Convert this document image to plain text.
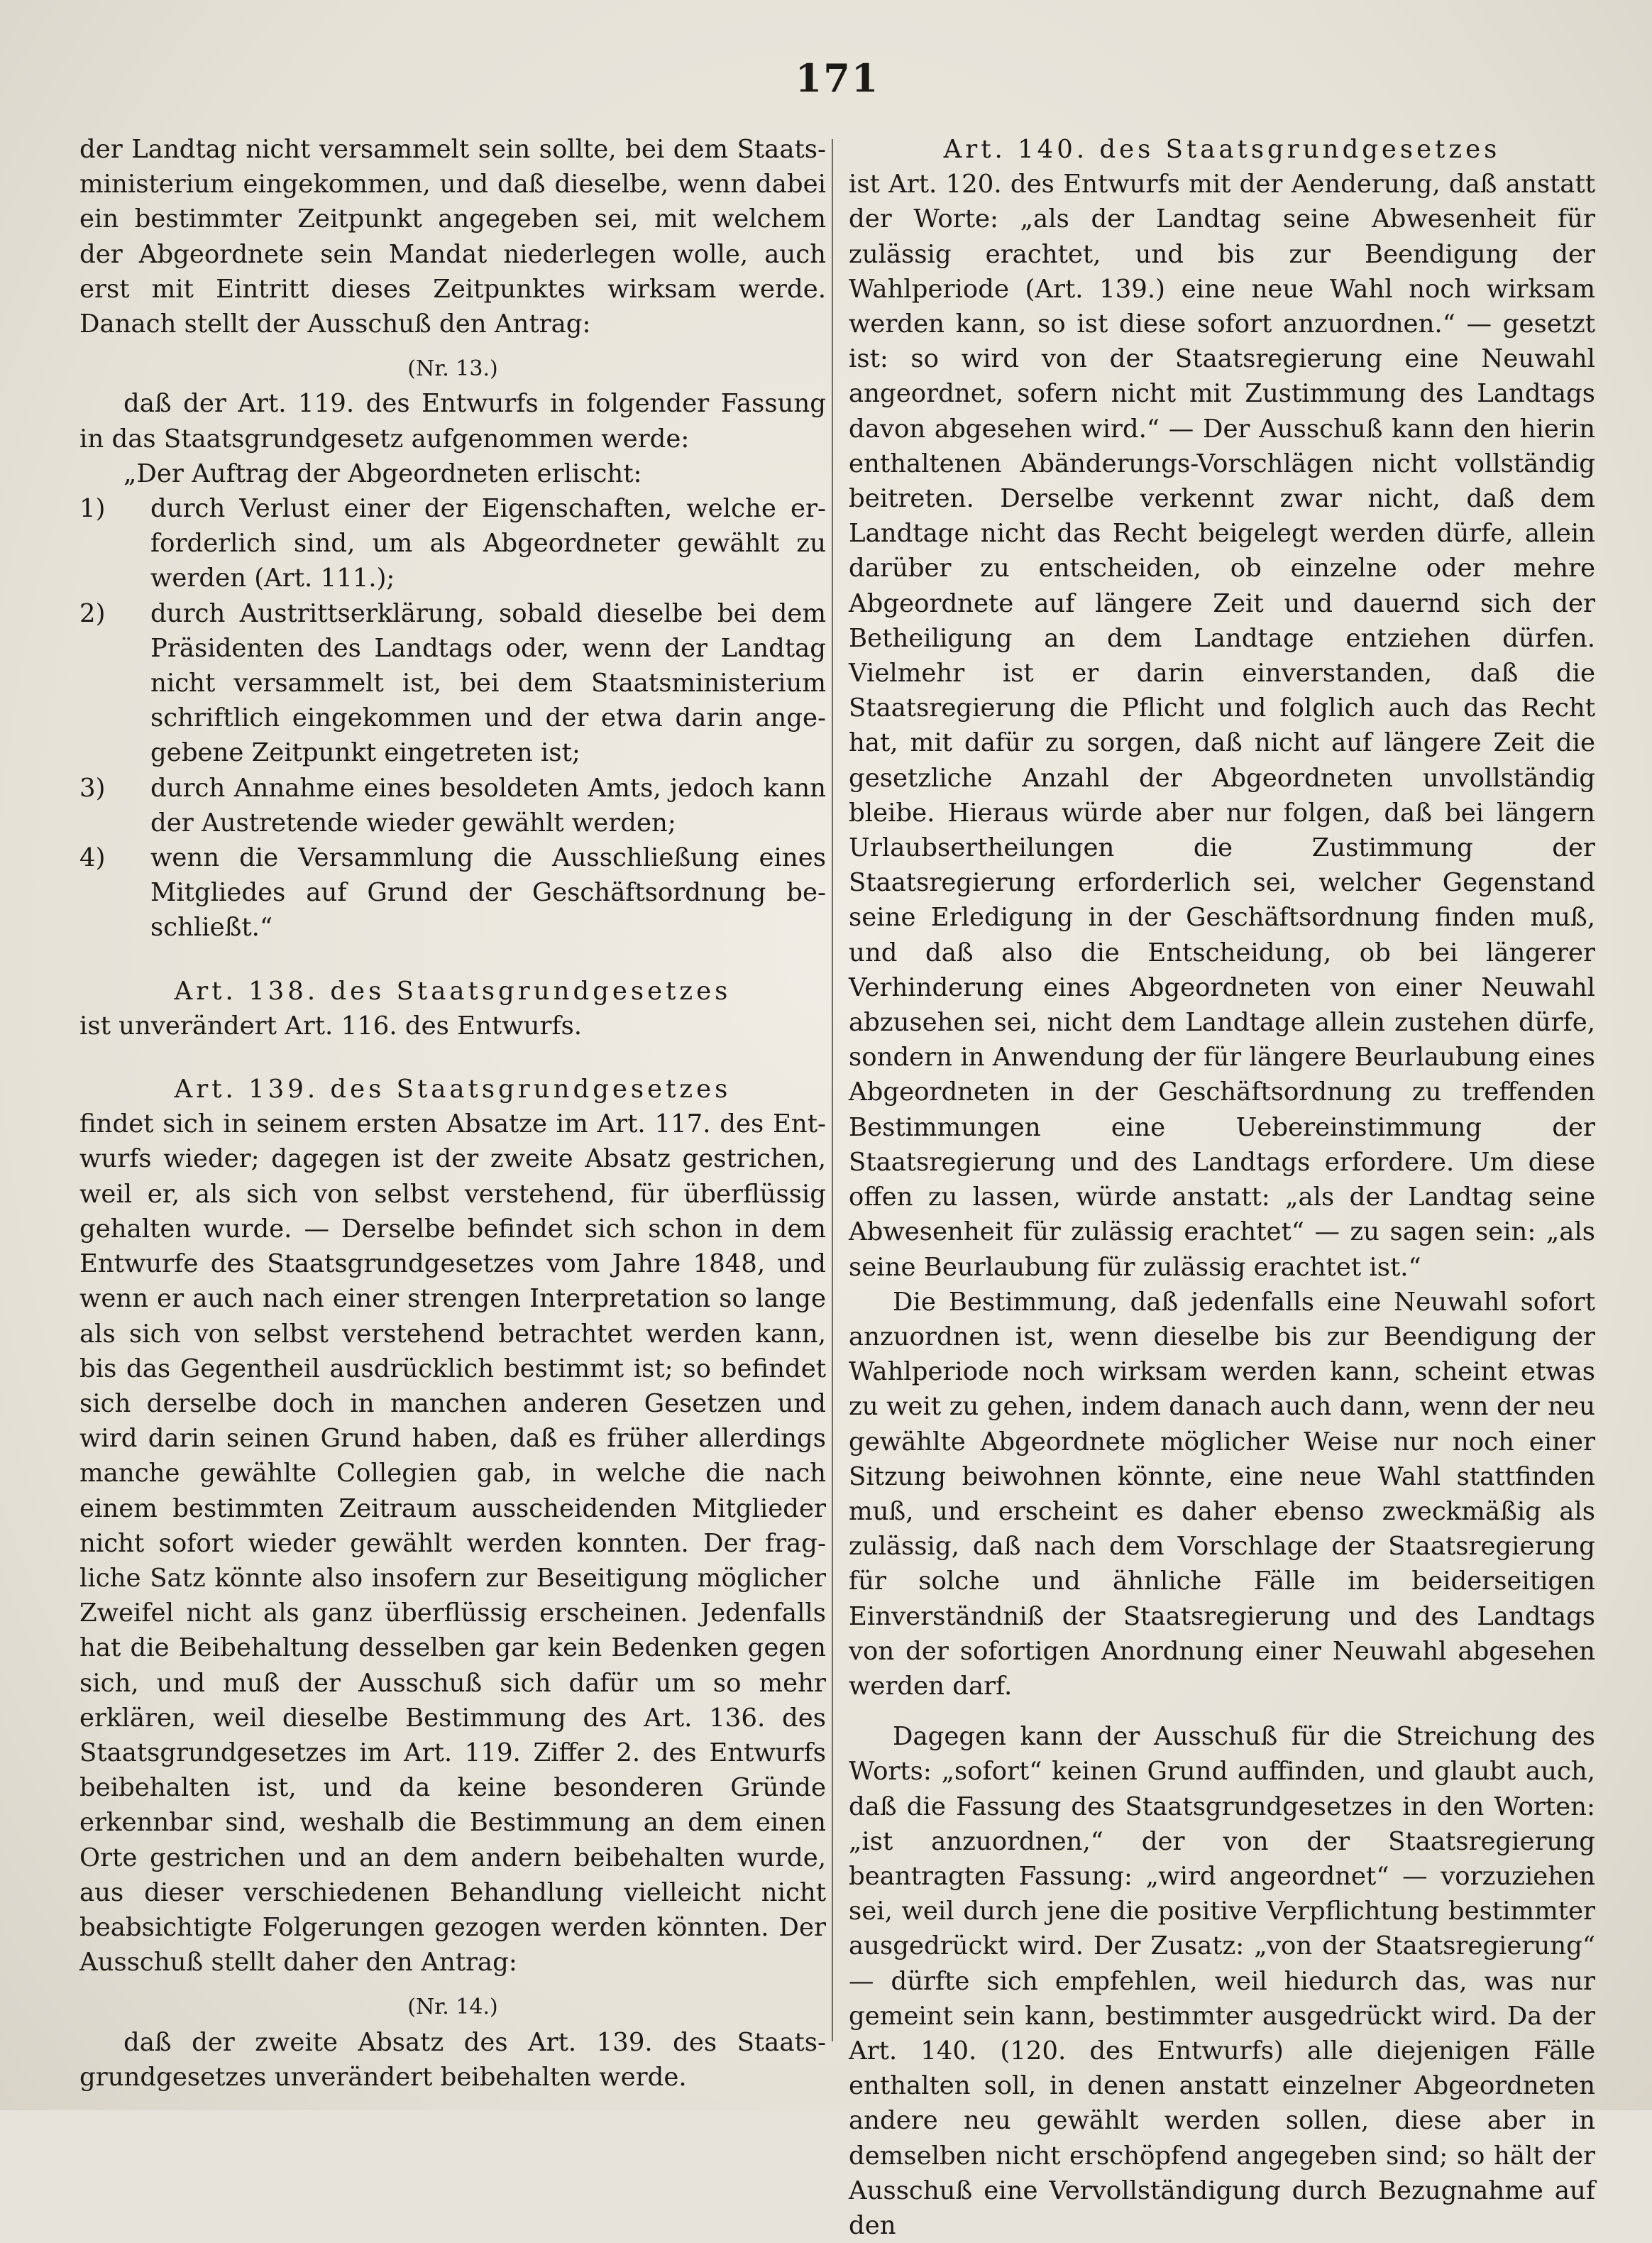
171

der Landtag nicht versammelt sein sollte, bei dem Staatsministerium eingekommen, und daß dieselbe, wenn dabei ein bestimmter Zeitpunkt angegeben sei, mit welchem der Abgeordnete sein Mandat niederlegen wolle, auch erst mit Eintritt dieses Zeitpunktes wirksam werde. Danach stellt der Ausschuß den Antrag:

(Nr. 13.)

daß der Art. 119. des Entwurfs in folgender Fassung in das Staatsgrundgesetz aufgenommen werde:

„Der Auftrag der Abgeordneten erlischt:

1)	durch Verlust einer der Eigenschaften, welche erforderlich sind, um als Abgeordneter gewählt zu werden (Art. 111.);
2)	durch Austrittserklärung, sobald dieselbe bei dem Präsidenten des Landtags oder, wenn der Landtag nicht versammelt ist, bei dem Staatsministerium schriftlich eingekommen und der etwa darin angegebene Zeitpunkt eingetreten ist;
3)	durch Annahme eines besoldeten Amts, jedoch kann der Austretende wieder gewählt werden;
4)	wenn die Versammlung die Ausschließung eines Mitgliedes auf Grund der Geschäftsordnung beschließt.“

Art. 138. des Staatsgrundgesetzes

ist unverändert Art. 116. des Entwurfs.

Art. 139. des Staatsgrundgesetzes

findet sich in seinem ersten Absatze im Art. 117. des Entwurfs wieder; dagegen ist der zweite Absatz gestrichen, weil er, als sich von selbst verstehend, für überflüssig gehalten wurde. — Derselbe befindet sich schon in dem Entwurfe des Staatsgrundgesetzes vom Jahre 1848, und wenn er auch nach einer strengen Interpretation so lange als sich von selbst verstehend betrachtet werden kann, bis das Gegentheil ausdrücklich bestimmt ist; so befindet sich derselbe doch in manchen anderen Gesetzen und wird darin seinen Grund haben, daß es früher allerdings manche gewählte Collegien gab, in welche die nach einem bestimmten Zeitraum ausscheidenden Mitglieder nicht sofort wieder gewählt werden konnten. Der fragliche Satz könnte also insofern zur Beseitigung möglicher Zweifel nicht als ganz überflüssig erscheinen. Jedenfalls hat die Beibehaltung desselben gar kein Bedenken gegen sich, und muß der Ausschuß sich dafür um so mehr erklären, weil dieselbe Bestimmung des Art. 136. des Staatsgrundgesetzes im Art. 119. Ziffer 2. des Entwurfs beibehalten ist, und da keine besonderen Gründe erkennbar sind, weshalb die Bestimmung an dem einen Orte gestrichen und an dem andern beibehalten wurde, aus dieser verschiedenen Behandlung vielleicht nicht beabsichtigte Folgerungen gezogen werden könnten. Der Ausschuß stellt daher den Antrag:

(Nr. 14.)

daß der zweite Absatz des Art. 139. des Staatsgrundgesetzes unverändert beibehalten werde.

Art. 140. des Staatsgrundgesetzes

ist Art. 120. des Entwurfs mit der Aenderung, daß anstatt der Worte: „als der Landtag seine Abwesenheit für zulässig erachtet, und bis zur Beendigung der Wahlperiode (Art. 139.) eine neue Wahl noch wirksam werden kann, so ist diese sofort anzuordnen.“ — gesetzt ist: so wird von der Staatsregierung eine Neuwahl angeordnet, sofern nicht mit Zustimmung des Landtags davon abgesehen wird.“ — Der Ausschuß kann den hierin enthaltenen Abänderungs-Vorschlägen nicht vollständig beitreten. Derselbe verkennt zwar nicht, daß dem Landtage nicht das Recht beigelegt werden dürfe, allein darüber zu entscheiden, ob einzelne oder mehre Abgeordnete auf längere Zeit und dauernd sich der Betheiligung an dem Landtage entziehen dürfen. Vielmehr ist er darin einverstanden, daß die Staatsregierung die Pflicht und folglich auch das Recht hat, mit dafür zu sorgen, daß nicht auf längere Zeit die gesetzliche Anzahl der Abgeordneten unvollständig bleibe. Hieraus würde aber nur folgen, daß bei längern Urlaubsertheilungen die Zustimmung der Staatsregierung erforderlich sei, welcher Gegenstand seine Erledigung in der Geschäftsordnung finden muß, und daß also die Entscheidung, ob bei längerer Verhinderung eines Abgeordneten von einer Neuwahl abzusehen sei, nicht dem Landtage allein zustehen dürfe, sondern in Anwendung der für längere Beurlaubung eines Abgeordneten in der Geschäftsordnung zu treffenden Bestimmungen eine Uebereinstimmung der Staatsregierung und des Landtags erfordere. Um diese offen zu lassen, würde anstatt: „als der Landtag seine Abwesenheit für zulässig erachtet“ — zu sagen sein: „als seine Beurlaubung für zulässig erachtet ist.“

Die Bestimmung, daß jedenfalls eine Neuwahl sofort anzuordnen ist, wenn dieselbe bis zur Beendigung der Wahlperiode noch wirksam werden kann, scheint etwas zu weit zu gehen, indem danach auch dann, wenn der neu gewählte Abgeordnete möglicher Weise nur noch einer Sitzung beiwohnen könnte, eine neue Wahl stattfinden muß, und erscheint es daher ebenso zweckmäßig als zulässig, daß nach dem Vorschlage der Staatsregierung für solche und ähnliche Fälle im beiderseitigen Einverständniß der Staatsregierung und des Landtags von der sofortigen Anordnung einer Neuwahl abgesehen werden darf.

Dagegen kann der Ausschuß für die Streichung des Worts: „sofort“ keinen Grund auffinden, und glaubt auch, daß die Fassung des Staatsgrundgesetzes in den Worten: „ist anzuordnen,“ der von der Staatsregierung beantragten Fassung: „wird angeordnet“ — vorzuziehen sei, weil durch jene die positive Verpflichtung bestimmter ausgedrückt wird. Der Zusatz: „von der Staatsregierung“ — dürfte sich empfehlen, weil hiedurch das, was nur gemeint sein kann, bestimmter ausgedrückt wird. Da der Art. 140. (120. des Entwurfs) alle diejenigen Fälle enthalten soll, in denen anstatt einzelner Abgeordneten andere neu gewählt werden sollen, diese aber in demselben nicht erschöpfend angegeben sind; so hält der Ausschuß eine Vervollständigung durch Bezugnahme auf den
